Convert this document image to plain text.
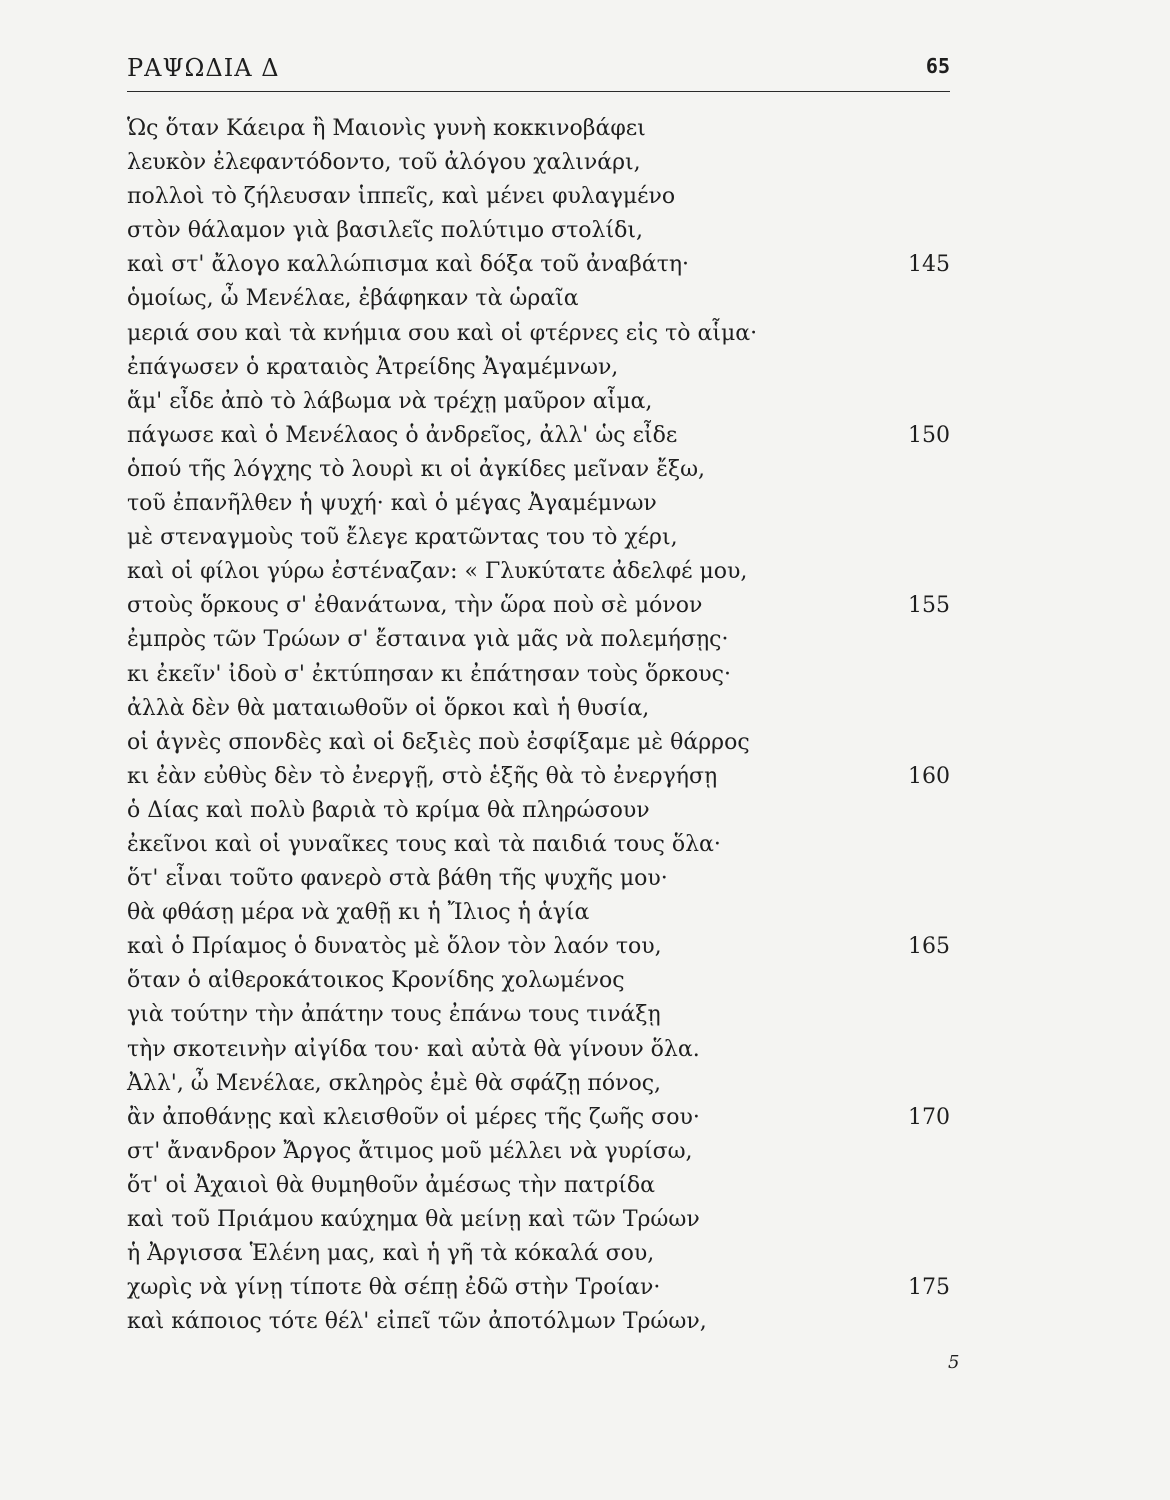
ΡΑΨΩΔΙΑ Δ	65
Ὡς ὅταν Κάειρα ἢ Μαιονὶς γυνὴ κοκκινοβάφει
λευκὸν ἐλεφαντόδοντο, τοῦ ἀλόγου χαλινάρι,
πολλοὶ τὸ ζήλευσαν ἱππεῖς, καὶ μένει φυλαγμένο
στὸν θάλαμον γιὰ βασιλεῖς πολύτιμο στολίδι,
καὶ στ' ἄλογο καλλώπισμα καὶ δόξα τοῦ ἀναβάτη·	145
ὁμοίως, ὦ Μενέλαε, ἐβάφηκαν τὰ ὡραῖα
μεριά σου καὶ τὰ κνήμια σου καὶ οἱ φτέρνες εἰς τὸ αἷμα·
ἐπάγωσεν ὁ κραταιὸς Ἀτρείδης Ἀγαμέμνων,
ἅμ' εἶδε ἀπὸ τὸ λάβωμα νὰ τρέχῃ μαῦρον αἷμα,
πάγωσε καὶ ὁ Μενέλαος ὁ ἀνδρεῖος, ἀλλ' ὡς εἶδε	150
ὁπού τῆς λόγχης τὸ λουρὶ κι οἱ ἀγκίδες μεῖναν ἔξω,
τοῦ ἐπανῆλθεν ἡ ψυχή· καὶ ὁ μέγας Ἀγαμέμνων
μὲ στεναγμοὺς τοῦ ἔλεγε κρατῶντας του τὸ χέρι,
καὶ οἱ φίλοι γύρω ἐστέναζαν: « Γλυκύτατε ἀδελφέ μου,
στοὺς ὅρκους σ' ἐθανάτωνα, τὴν ὥρα ποὺ σὲ μόνον	155
ἐμπρὸς τῶν Τρώων σ' ἔσταινα γιὰ μᾶς νὰ πολεμήσῃς·
κι ἐκεῖν' ἰδοὺ σ' ἐκτύπησαν κι ἐπάτησαν τοὺς ὅρκους·
ἀλλὰ δὲν θὰ ματαιωθοῦν οἱ ὅρκοι καὶ ἡ θυσία,
οἱ ἁγνὲς σπονδὲς καὶ οἱ δεξιὲς ποὺ ἐσφίξαμε μὲ θάρρος
κι ἐὰν εὐθὺς δὲν τὸ ἐνεργῇ, στὸ ἑξῆς θὰ τὸ ἐνεργήσῃ	160
ὁ Δίας καὶ πολὺ βαριὰ τὸ κρίμα θὰ πληρώσουν
ἐκεῖνοι καὶ οἱ γυναῖκες τους καὶ τὰ παιδιά τους ὅλα·
ὅτ' εἶναι τοῦτο φανερὸ στὰ βάθη τῆς ψυχῆς μου·
θὰ φθάσῃ μέρα νὰ χαθῇ κι ἡ Ἴλιος ἡ ἁγία
καὶ ὁ Πρίαμος ὁ δυνατὸς μὲ ὅλον τὸν λαόν του,	165
ὅταν ὁ αἰθεροκάτοικος Κρονίδης χολωμένος
γιὰ τούτην τὴν ἀπάτην τους ἐπάνω τους τινάξῃ
τὴν σκοτεινὴν αἰγίδα του· καὶ αὐτὰ θὰ γίνουν ὅλα.
Ἀλλ', ὦ Μενέλαε, σκληρὸς ἐμὲ θὰ σφάζῃ πόνος,
ἂν ἀποθάνῃς καὶ κλεισθοῦν οἱ μέρες τῆς ζωῆς σου·	170
στ' ἄνανδρον Ἄργος ἄτιμος μοῦ μέλλει νὰ γυρίσω,
ὅτ' οἱ Ἀχαιοὶ θὰ θυμηθοῦν ἀμέσως τὴν πατρίδα
καὶ τοῦ Πριάμου καύχημα θὰ μείνῃ καὶ τῶν Τρώων
ἡ Ἀργισσα Ἑλένη μας, καὶ ἡ γῆ τὰ κόκαλά σου,
χωρὶς νὰ γίνῃ τίποτε θὰ σέπῃ ἐδῶ στὴν Τροίαν·	175
καὶ κάποιος τότε θέλ' εἰπεῖ τῶν ἀποτόλμων Τρώων,
5
